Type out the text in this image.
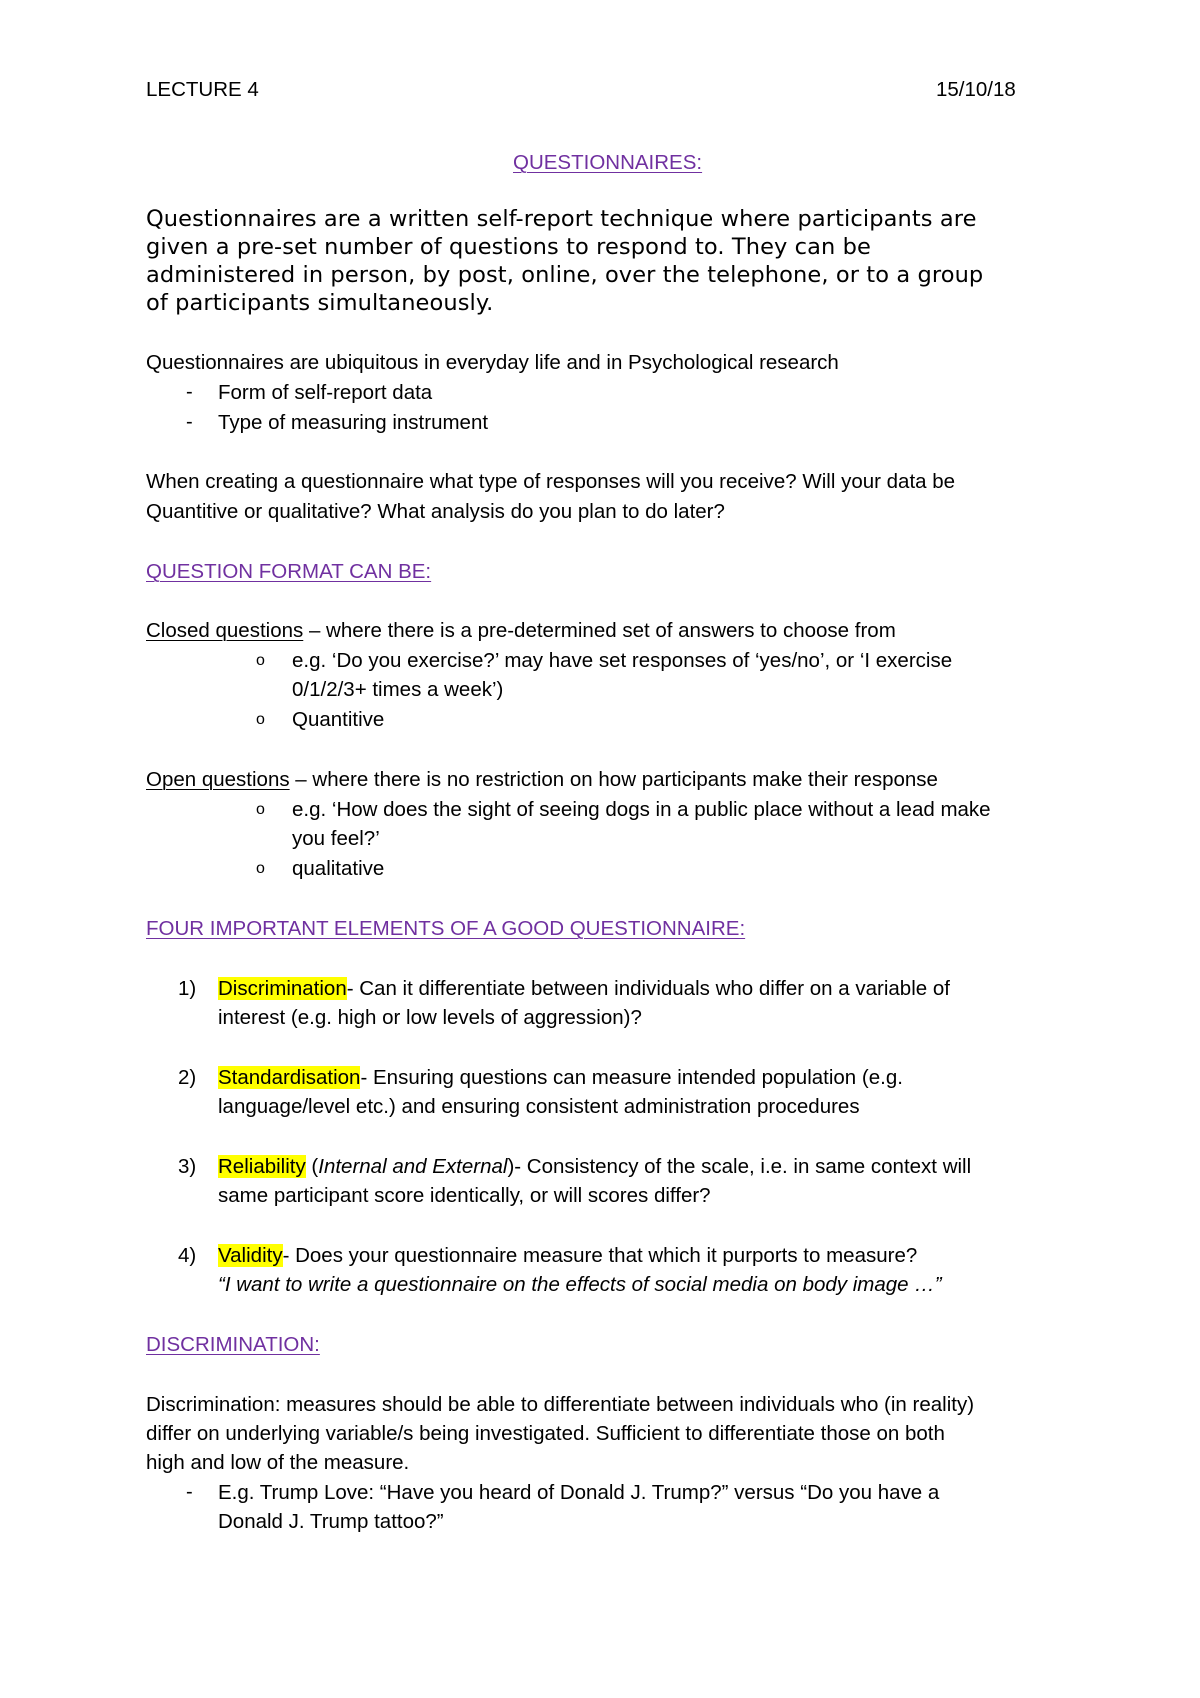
LECTURE 4	15/10/18
QUESTIONNAIRES:
Questionnaires are a written self-report technique where participants are
given a pre-set number of questions to respond to. They can be
administered in person, by post, online, over the telephone, or to a group
of participants simultaneously.
Questionnaires are ubiquitous in everyday life and in Psychological research
- Form of self-report data
- Type of measuring instrument
When creating a questionnaire what type of responses will you receive? Will your data be
Quantitive or qualitative? What analysis do you plan to do later?
QUESTION FORMAT CAN BE:
Closed questions – where there is a pre-determined set of answers to choose from
o e.g. ‘Do you exercise?’ may have set responses of ‘yes/no’, or ‘I exercise
0/1/2/3+ times a week’)
o Quantitive
Open questions – where there is no restriction on how participants make their response
o e.g. ‘How does the sight of seeing dogs in a public place without a lead make
you feel?’
o qualitative
FOUR IMPORTANT ELEMENTS OF A GOOD QUESTIONNAIRE:
1) Discrimination- Can it differentiate between individuals who differ on a variable of
interest (e.g. high or low levels of aggression)?
2) Standardisation- Ensuring questions can measure intended population (e.g.
language/level etc.) and ensuring consistent administration procedures
3) Reliability (Internal and External)- Consistency of the scale, i.e. in same context will
same participant score identically, or will scores differ?
4) Validity- Does your questionnaire measure that which it purports to measure?
“I want to write a questionnaire on the effects of social media on body image …”
DISCRIMINATION:
Discrimination: measures should be able to differentiate between individuals who (in reality)
differ on underlying variable/s being investigated. Sufficient to differentiate those on both
high and low of the measure.
- E.g. Trump Love: “Have you heard of Donald J. Trump?” versus “Do you have a
Donald J. Trump tattoo?”
